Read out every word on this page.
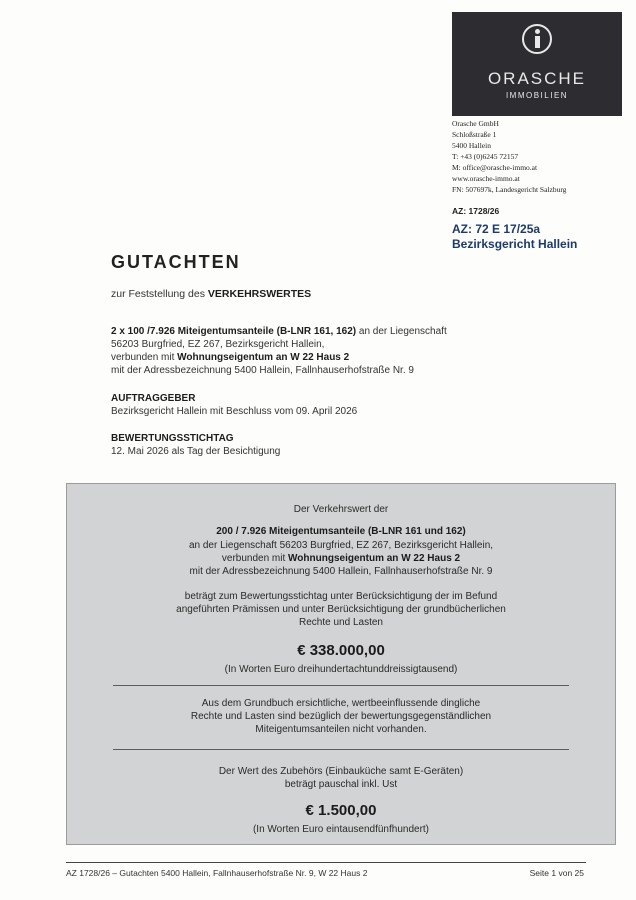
ORASCHE
IMMOBILIEN
Orasche GmbH
Schloßstraße 1
5400 Hallein
T: +43 (0)6245 72157
M: office@orasche-immo.at
www.orasche-immo.at
FN: 507697k, Landesgericht Salzburg
AZ: 1728/26
AZ: 72 E 17/25a
Bezirksgericht Hallein
GUTACHTEN
zur Feststellung des VERKEHRSWERTES
2 x 100 /7.926 Miteigentumsanteile (B-LNR 161, 162) an der Liegenschaft
56203 Burgfried, EZ 267, Bezirksgericht Hallein,
verbunden mit Wohnungseigentum an W 22 Haus 2
mit der Adressbezeichnung 5400 Hallein, Fallnhauserhofstraße Nr. 9
AUFTRAGGEBER
Bezirksgericht Hallein mit Beschluss vom 09. April 2026
BEWERTUNGSSTICHTAG
12. Mai 2026 als Tag der Besichtigung
Der Verkehrswert der
200 / 7.926 Miteigentumsanteile (B-LNR 161 und 162)
an der Liegenschaft 56203 Burgfried, EZ 267, Bezirksgericht Hallein,
verbunden mit Wohnungseigentum an W 22 Haus 2
mit der Adressbezeichnung 5400 Hallein, Fallnhauserhofstraße Nr. 9
beträgt zum Bewertungsstichtag unter Berücksichtigung der im Befund
angeführten Prämissen und unter Berücksichtigung der grundbücherlichen
Rechte und Lasten
€ 338.000,00
(In Worten Euro dreihundertachtunddreissigtausend)
Aus dem Grundbuch ersichtliche, wertbeeinflussende dingliche
Rechte und Lasten sind bezüglich der bewertungsgegenständlichen
Miteigentumsanteilen nicht vorhanden.
Der Wert des Zubehörs (Einbauküche samt E-Geräten)
beträgt pauschal inkl. Ust
€ 1.500,00
(In Worten Euro eintausendfünfhundert)
AZ 1728/26 – Gutachten 5400 Hallein, Fallnhauserhofstraße Nr. 9, W 22 Haus 2	Seite 1 von 25
